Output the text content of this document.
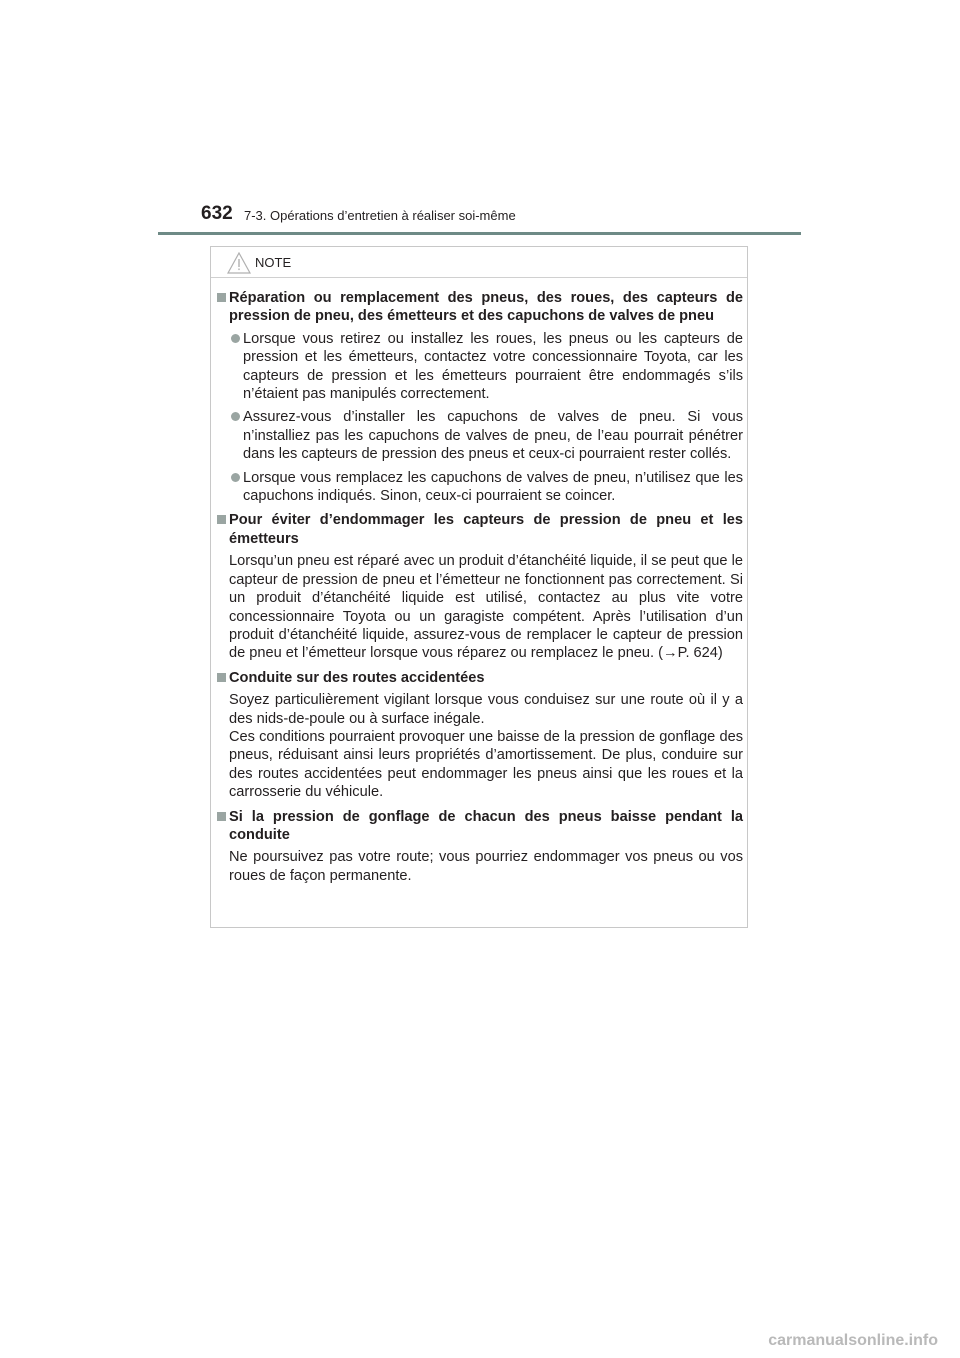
632 7-3. Opérations d’entretien à réaliser soi-même
NOTE
Réparation ou remplacement des pneus, des roues, des capteurs de pression de pneu, des émetteurs et des capuchons de valves de pneu
Lorsque vous retirez ou installez les roues, les pneus ou les capteurs de pression et les émetteurs, contactez votre concessionnaire Toyota, car les capteurs de pression et les émetteurs pourraient être endommagés s’ils n’étaient pas manipulés correctement.
Assurez-vous d’installer les capuchons de valves de pneu. Si vous n’installiez pas les capuchons de valves de pneu, de l’eau pourrait pénétrer dans les capteurs de pression des pneus et ceux-ci pourraient rester collés.
Lorsque vous remplacez les capuchons de valves de pneu, n’utilisez que les capuchons indiqués. Sinon, ceux-ci pourraient se coincer.
Pour éviter d’endommager les capteurs de pression de pneu et les émetteurs
Lorsqu’un pneu est réparé avec un produit d’étanchéité liquide, il se peut que le capteur de pression de pneu et l’émetteur ne fonctionnent pas correctement. Si un produit d’étanchéité liquide est utilisé, contactez au plus vite votre concessionnaire Toyota ou un garagiste compétent. Après l’utilisation d’un produit d’étanchéité liquide, assurez-vous de remplacer le capteur de pression de pneu et l’émetteur lorsque vous réparez ou remplacez le pneu. (→P. 624)
Conduite sur des routes accidentées
Soyez particulièrement vigilant lorsque vous conduisez sur une route où il y a des nids-de-poule ou à surface inégale.
Ces conditions pourraient provoquer une baisse de la pression de gonflage des pneus, réduisant ainsi leurs propriétés d’amortissement. De plus, conduire sur des routes accidentées peut endommager les pneus ainsi que les roues et la carrosserie du véhicule.
Si la pression de gonflage de chacun des pneus baisse pendant la conduite
Ne poursuivez pas votre route; vous pourriez endommager vos pneus ou vos roues de façon permanente.
carmanualsonline.info
